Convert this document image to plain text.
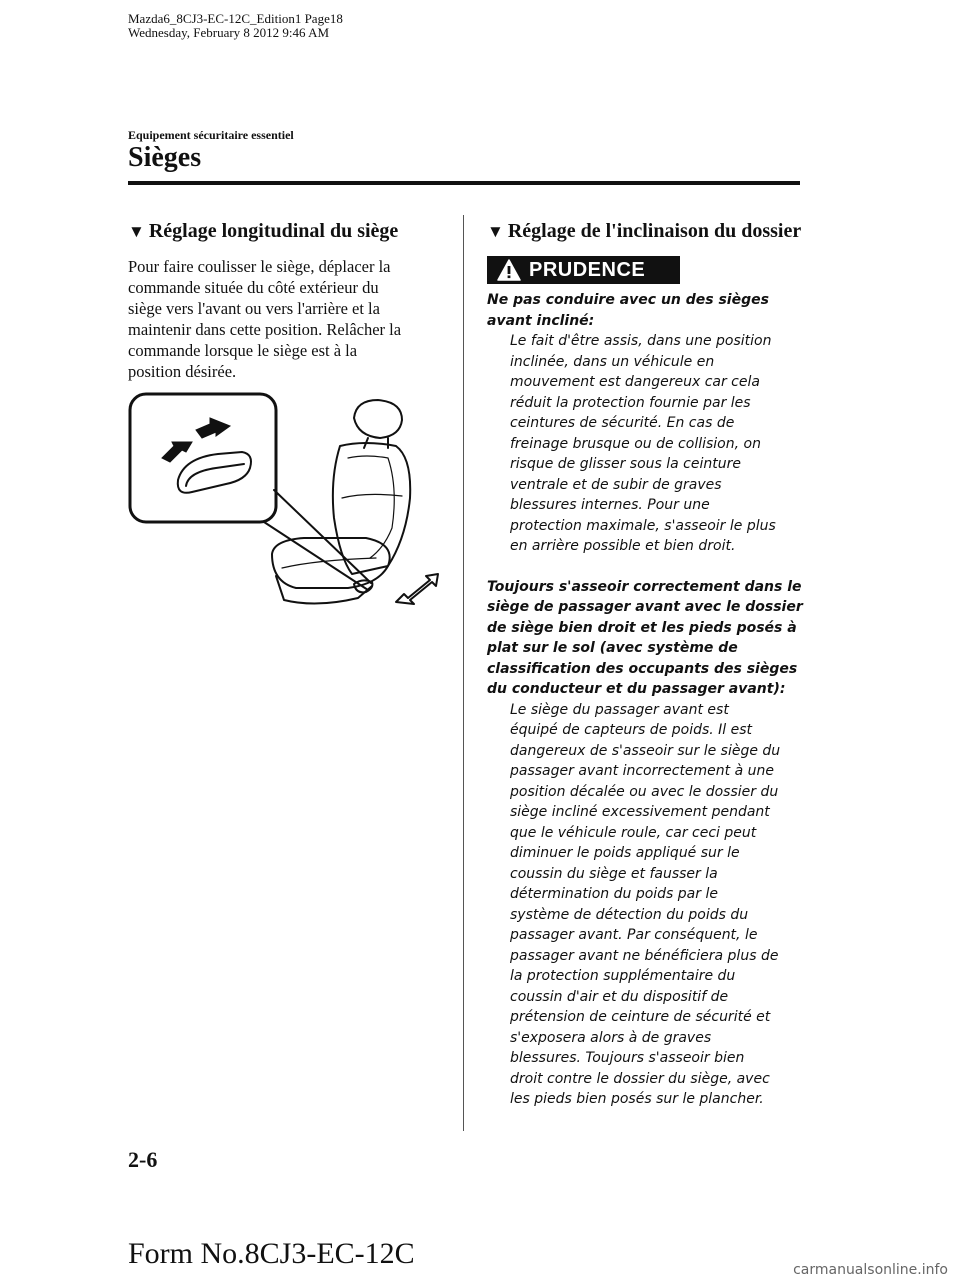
Mazda6_8CJ3-EC-12C_Edition1 Page18
Wednesday, February 8 2012 9:46 AM
Equipement sécuritaire essentiel
Sièges
▼ Réglage longitudinal du siège
Pour faire coulisser le siège, déplacer la
commande située du côté extérieur du
siège vers l'avant ou vers l'arrière et la
maintenir dans cette position. Relâcher la
commande lorsque le siège est à la
position désirée.
▼ Réglage de l'inclinaison du dossier
PRUDENCE
Ne pas conduire avec un des sièges
avant incliné:
Le fait d'être assis, dans une position
inclinée, dans un véhicule en
mouvement est dangereux car cela
réduit la protection fournie par les
ceintures de sécurité. En cas de
freinage brusque ou de collision, on
risque de glisser sous la ceinture
ventrale et de subir de graves
blessures internes. Pour une
protection maximale, s'asseoir le plus
en arrière possible et bien droit.
Toujours s'asseoir correctement dans le
siège de passager avant avec le dossier
de siège bien droit et les pieds posés à
plat sur le sol (avec système de
classification des occupants des sièges
du conducteur et du passager avant):
Le siège du passager avant est
équipé de capteurs de poids. Il est
dangereux de s'asseoir sur le siège du
passager avant incorrectement à une
position décalée ou avec le dossier du
siège incliné excessivement pendant
que le véhicule roule, car ceci peut
diminuer le poids appliqué sur le
coussin du siège et fausser la
détermination du poids par le
système de détection du poids du
passager avant. Par conséquent, le
passager avant ne bénéficiera plus de
la protection supplémentaire du
coussin d'air et du dispositif de
prétension de ceinture de sécurité et
s'exposera alors à de graves
blessures. Toujours s'asseoir bien
droit contre le dossier du siège, avec
les pieds bien posés sur le plancher.
2-6
Form No.8CJ3-EC-12C	carmanualsonline.info
